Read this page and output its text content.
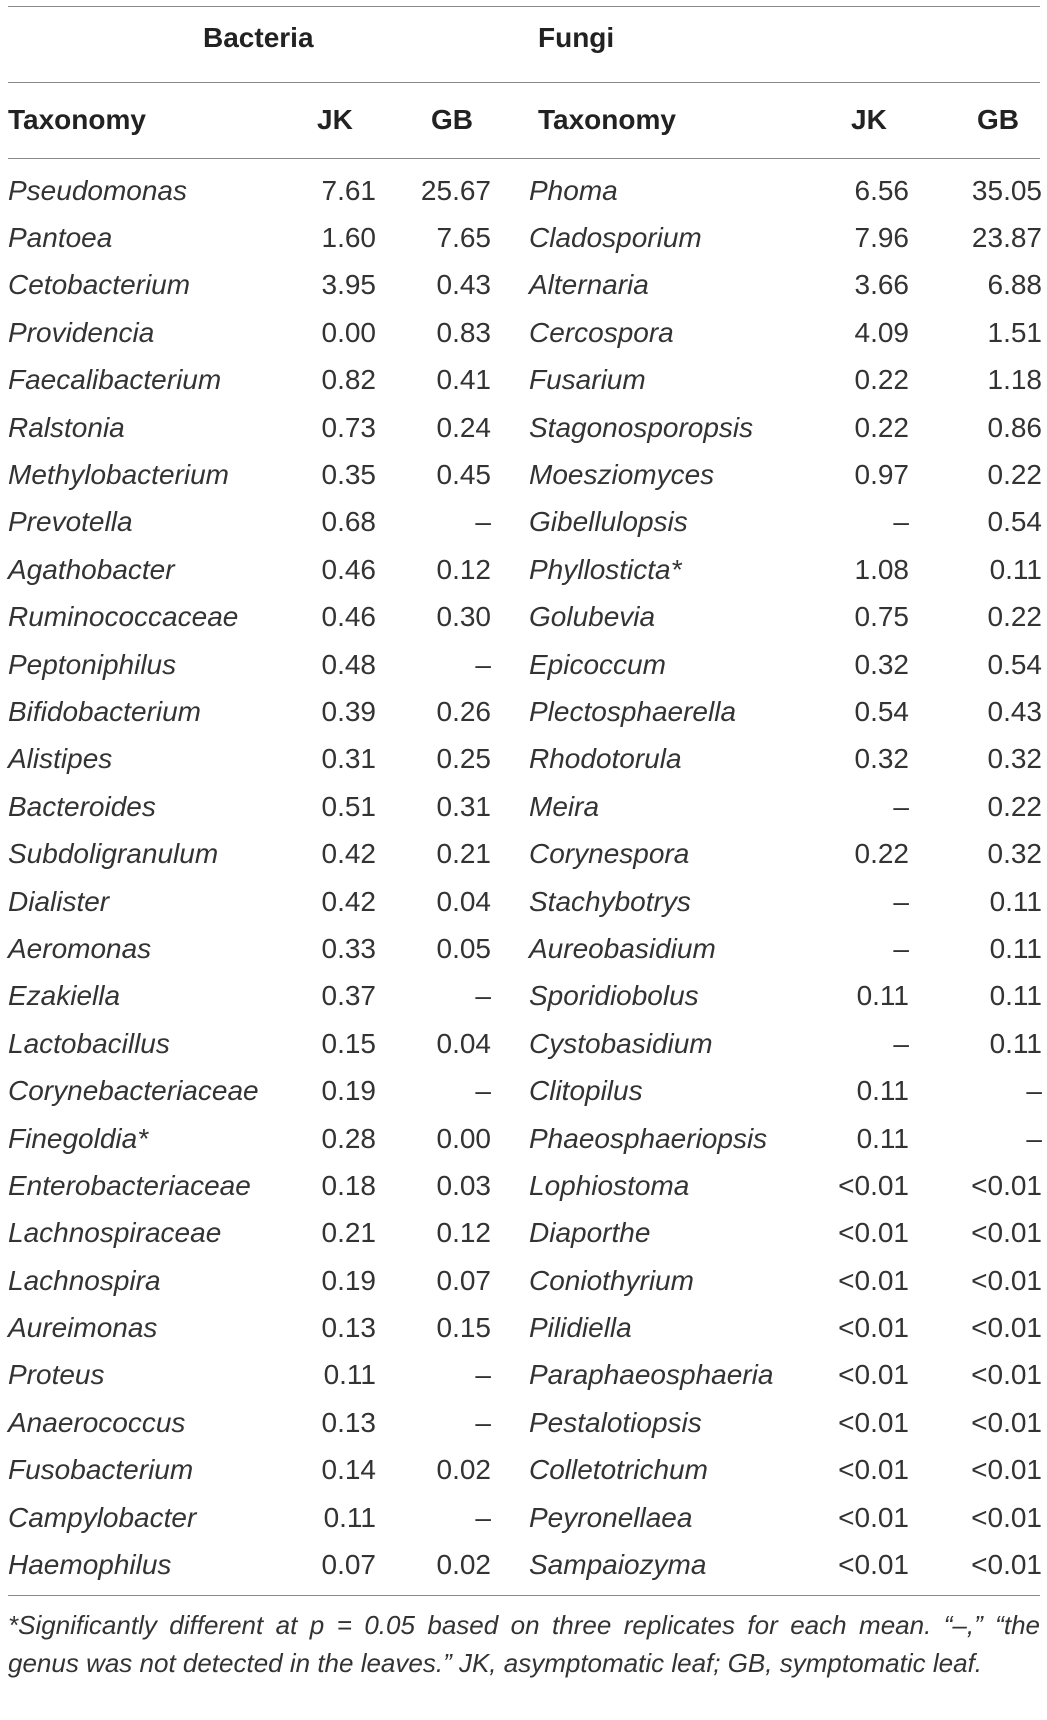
Bacteria	Fungi
Taxonomy	JK	GB Taxonomy	JK	GB
Pseudomonas	7.61	25.67	Phoma	6.56	35.05
Pantoea	1.60	7.65	Cladosporium	7.96	23.87
Cetobacterium	3.95	0.43	Alternaria	3.66	6.88
Providencia	0.00	0.83	Cercospora	4.09	1.51
Faecalibacterium	0.82	0.41	Fusarium	0.22	1.18
Ralstonia	0.73	0.24	Stagonosporopsis	0.22	0.86
Methylobacterium	0.35	0.45	Moesziomyces	0.97	0.22
Prevotella	0.68	–	Gibellulopsis	–	0.54
Agathobacter	0.46	0.12	Phyllosticta*	1.08	0.11
Ruminococcaceae	0.46	0.30	Golubevia	0.75	0.22
Peptoniphilus	0.48	–	Epicoccum	0.32	0.54
Bifidobacterium	0.39	0.26	Plectosphaerella	0.54	0.43
Alistipes	0.31	0.25	Rhodotorula	0.32	0.32
Bacteroides	0.51	0.31	Meira	–	0.22
Subdoligranulum	0.42	0.21	Corynespora	0.22	0.32
Dialister	0.42	0.04	Stachybotrys	–	0.11
Aeromonas	0.33	0.05	Aureobasidium	–	0.11
Ezakiella	0.37	–	Sporidiobolus	0.11	0.11
Lactobacillus	0.15	0.04	Cystobasidium	–	0.11
Corynebacteriaceae	0.19	–	Clitopilus	0.11	–
Finegoldia*	0.28	0.00	Phaeosphaeriopsis	0.11	–
Enterobacteriaceae	0.18	0.03	Lophiostoma	<0.01	<0.01
Lachnospiraceae	0.21	0.12	Diaporthe	<0.01	<0.01
Lachnospira	0.19	0.07	Coniothyrium	<0.01	<0.01
Aureimonas	0.13	0.15	Pilidiella	<0.01	<0.01
Proteus	0.11	–	Paraphaeosphaeria	<0.01	<0.01
Anaerococcus	0.13	–	Pestalotiopsis	<0.01	<0.01
Fusobacterium	0.14	0.02	Colletotrichum	<0.01	<0.01
Campylobacter	0.11	–	Peyronellaea	<0.01	<0.01
Haemophilus	0.07	0.02	Sampaiozyma	<0.01	<0.01
*Significantly different at p = 0.05 based on three replicates for each mean. “–,” “the genus was not detected in the leaves.” JK, asymptomatic leaf; GB, symptomatic leaf.
